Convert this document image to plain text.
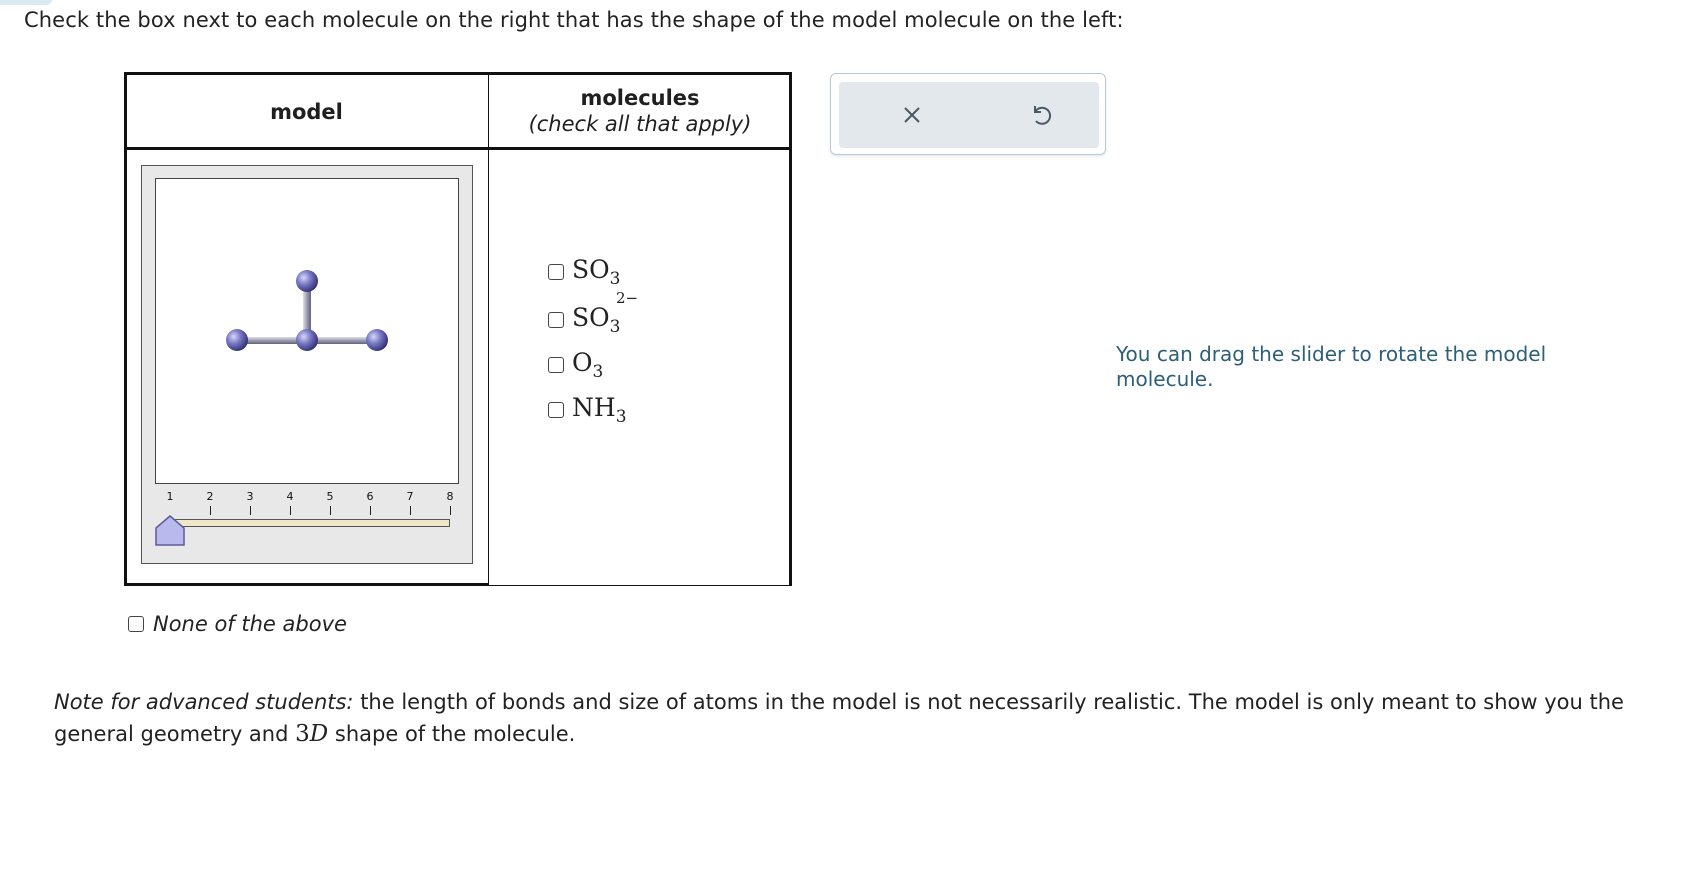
Check the box next to each molecule on the right that has the shape of the model molecule on the left:
model
molecules
(check all that apply)
1	2	3	4	5	6	7	8
$SO_3$
$SO_3$
2−
$O_3$
$NH_3$
None of the above
You can drag the slider to rotate the model molecule.
Note for advanced students: the length of bonds and size of atoms in the model is not necessarily realistic. The model is only meant to show you the general geometry and 3D shape of the molecule.
